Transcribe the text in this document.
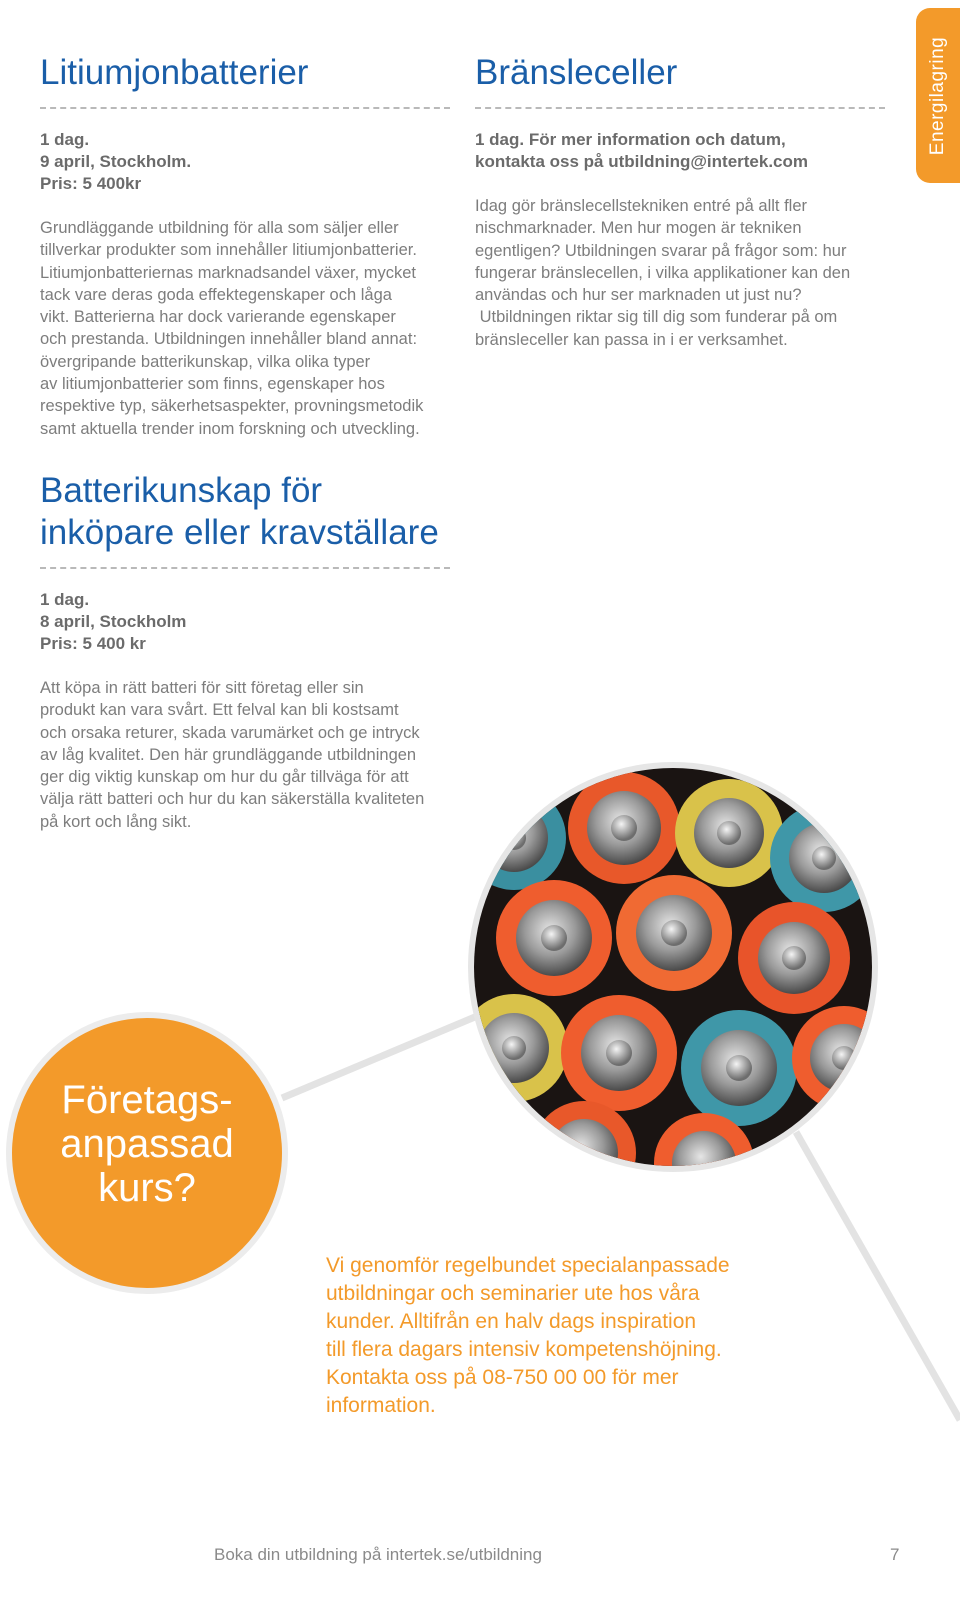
Energilagring
Litiumjonbatterier
1 dag.
9 april, Stockholm.
Pris: 5 400kr
Grundläggande utbildning för alla som säljer eller
tillverkar produkter som innehåller litiumjonbatterier.
Litiumjonbatteriernas marknadsandel växer, mycket
tack vare deras goda effektegenskaper och låga
vikt. Batterierna har dock varierande egenskaper
och prestanda. Utbildningen innehåller bland annat:
övergripande batterikunskap, vilka olika typer
av litiumjonbatterier som finns, egenskaper hos
respektive typ, säkerhetsaspekter, provningsmetodik
samt aktuella trender inom forskning och utveckling.
Bränsleceller
1 dag. För mer information och datum,
kontakta oss på utbildning@intertek.com
Idag gör bränslecellstekniken entré på allt fler
nischmarknader. Men hur mogen är tekniken
egentligen? Utbildningen svarar på frågor som: hur
fungerar bränslecellen, i vilka applikationer kan den
användas och hur ser marknaden ut just nu?
Utbildningen riktar sig till dig som funderar på om
bränsleceller kan passa in i er verksamhet.
Batterikunskap för
inköpare eller kravställare
1 dag.
8 april, Stockholm
Pris: 5 400 kr
Att köpa in rätt batteri för sitt företag eller sin
produkt kan vara svårt. Ett felval kan bli kostsamt
och orsaka returer, skada varumärket och ge intryck
av låg kvalitet. Den här grundläggande utbildningen
ger dig viktig kunskap om hur du går tillväga för att
välja rätt batteri och hur du kan säkerställa kvaliteten
på kort och lång sikt.
Företags-
anpassad
kurs?
Vi genomför regelbundet specialanpassade
utbildningar och seminarier ute hos våra
kunder. Alltifrån en halv dags inspiration
till flera dagars intensiv kompetenshöjning.
Kontakta oss på 08-750 00 00 för mer
information.
Boka din utbildning på intertek.se/utbildning	7
